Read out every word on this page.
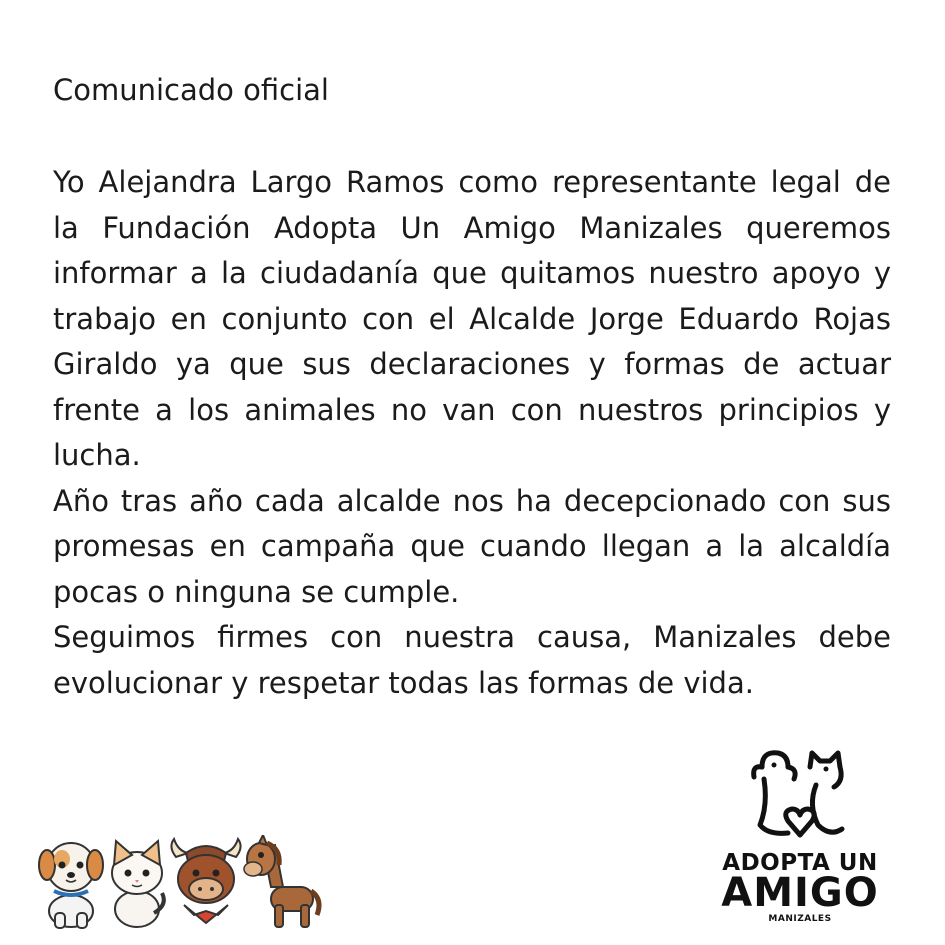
Comunicado oficial

Yo Alejandra Largo Ramos como representante legal de la Fundación Adopta Un Amigo Manizales queremos informar a la ciudadanía que quitamos nuestro apoyo y trabajo en conjunto con el Alcalde Jorge Eduardo Rojas Giraldo ya que sus declaraciones y formas de actuar frente a los animales no van con nuestros principios y lucha.

Año tras año cada alcalde nos ha decepcionado con sus promesas en campaña que cuando llegan a la alcaldía pocas o ninguna se cumple.

Seguimos firmes con nuestra causa, Manizales debe evolucionar y respetar todas las formas de vida.

ADOPTA UN
AMIGO
MANIZALES
